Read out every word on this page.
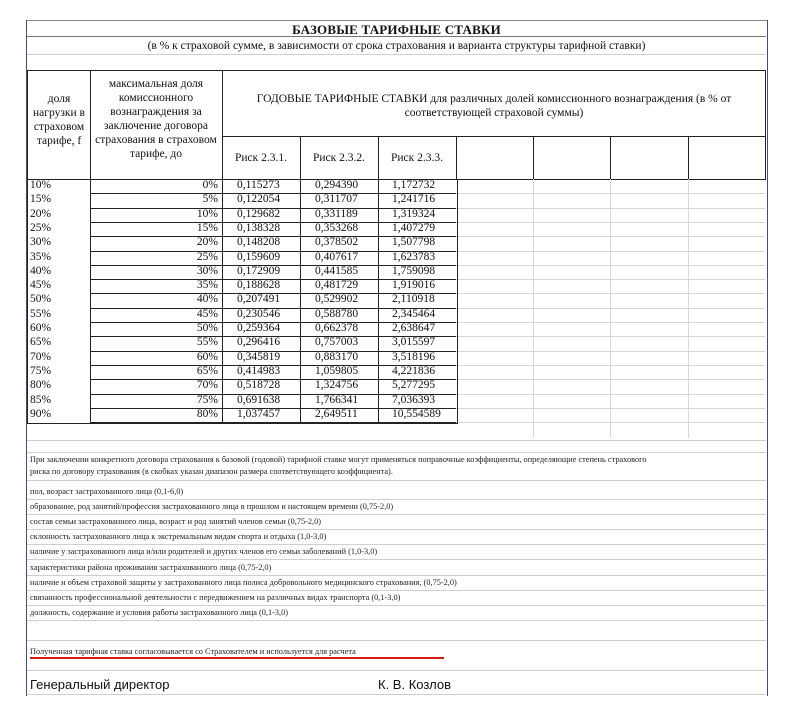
БАЗОВЫЕ ТАРИФНЫЕ СТАВКИ
(в % к страховой сумме, в зависимости от срока страхования и варианта структуры тарифной ставки)
доля нагрузки в страховом тарифе, f
максимальная доля комиссионного вознаграждения за заключение договора страхования в страховом тарифе, до
ГОДОВЫЕ ТАРИФНЫЕ СТАВКИ для различных долей комиссионного вознаграждения (в % от соответствующей страховой суммы)
Риск 2.3.1.	Риск 2.3.2.	Риск 2.3.3.
10%	0% 0,115273	0,294390	1,172732
15%	5% 0,122054	0,311707	1,241716
20%	10% 0,129682	0,331189	1,319324
25%	15% 0,138328	0,353268	1,407279
30%	20% 0,148208	0,378502	1,507798
35%	25% 0,159609	0,407617	1,623783
40%	30% 0,172909	0,441585	1,759098
45%	35% 0,188628	0,481729	1,919016
50%	40% 0,207491	0,529902	2,110918
55%	45% 0,230546	0,588780	2,345464
60%	50% 0,259364	0,662378	2,638647
65%	55% 0,296416	0,757003	3,015597
70%	60% 0,345819	0,883170	3,518196
75%	65% 0,414983	1,059805	4,221836
80%	70% 0,518728	1,324756	5,277295
85%	75% 0,691638	1,766341	7,036393
90%	80% 1,037457	2,649511	10,554589
При заключении конкретного договора страхования к базовой (годовой) тарифной ставке могут применяться поправочные коэффициенты, определяющие степень страхового
риска по договору страхования (в скобках указан диапазон размера соответствующего коэффициента).
пол, возраст застрахованного лица (0,1-6,0)
образование, род занятий/профессия застрахованного лица в прошлом и настоящем времени (0,75-2,0)
состав семьи застрахованного лица, возраст и род занятий членов семьи (0,75-2,0)
склонность застрахованного лица к экстремальным видам спорта и отдыха (1,0-3,0)
наличие у застрахованного лица и/или родителей и других членов его семьи заболеваний (1,0-3,0)
характеристики района проживания застрахованного лица (0,75-2,0)
наличие и объем страховой защиты у застрахованного лица полиса добровольного медицинского страхования, (0,75-2,0)
связанность профессиональной деятельности с передвижением на различных видах транспорта (0,1-3,0)
должность, содержание и условия работы застрахованного лица (0,1-3,0)
Полученная тарифная ставка согласовывается со Страхователем и используется для расчета
Генеральный директор	К. В. Козлов
